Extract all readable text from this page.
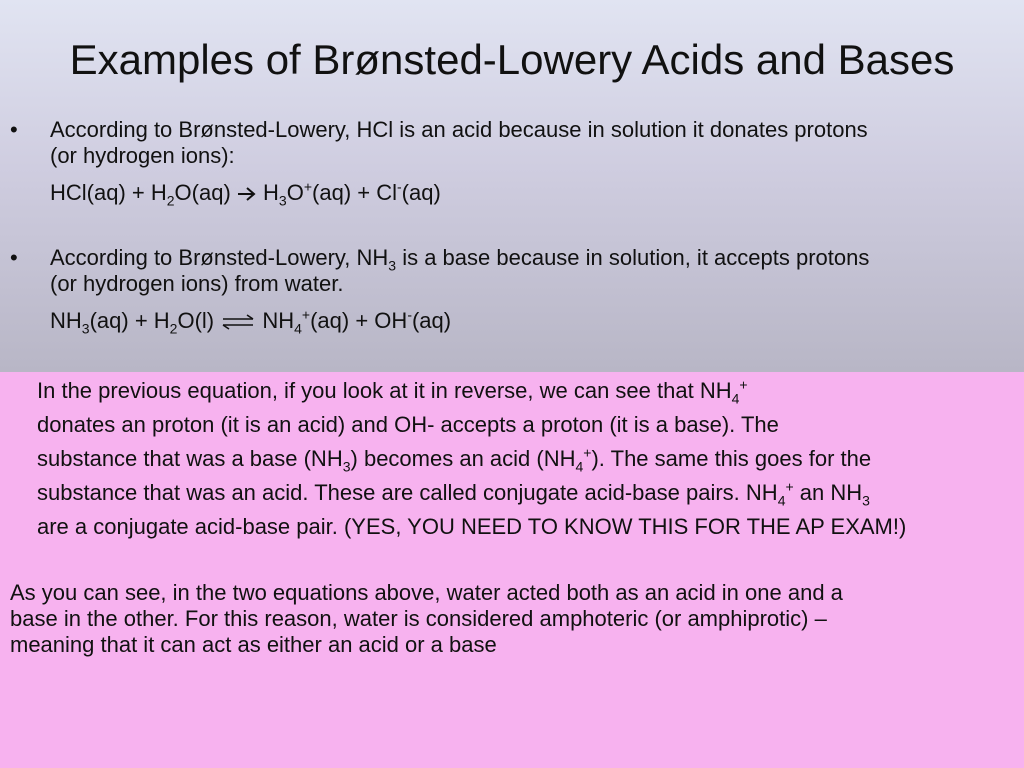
Examples of Brønsted-Lowery Acids and Bases
•	According to Brønsted-Lowery, HCl is an acid because in solution it donates protons
(or hydrogen ions):
$HCl(aq) + H_2O(aq) H_3O^+(aq) + Cl^-(aq)$
•	According to Brønsted-Lowery, $NH_3$ is a base because in solution, it accepts protons
(or hydrogen ions) from water.
$NH_3(aq) + H_2O(l)$ ⇌ $NH_4^+(aq) + OH^-(aq)$
In the previous equation, if you look at it in reverse, we can see that $NH_4^+$
donates an proton (it is an acid) and OH- accepts a proton (it is a base). The
substance that was a base $(NH_3)$ becomes an acid $(NH_4^+)$. The same this goes for the
substance that was an acid. These are called conjugate acid-base pairs. $NH_4^+$ an $NH_3$
are a conjugate acid-base pair. (YES, YOU NEED TO KNOW THIS FOR THE AP EXAM!)
As you can see, in the two equations above, water acted both as an acid in one and a
base in the other. For this reason, water is considered amphoteric (or amphiprotic) –
meaning that it can act as either an acid or a base
